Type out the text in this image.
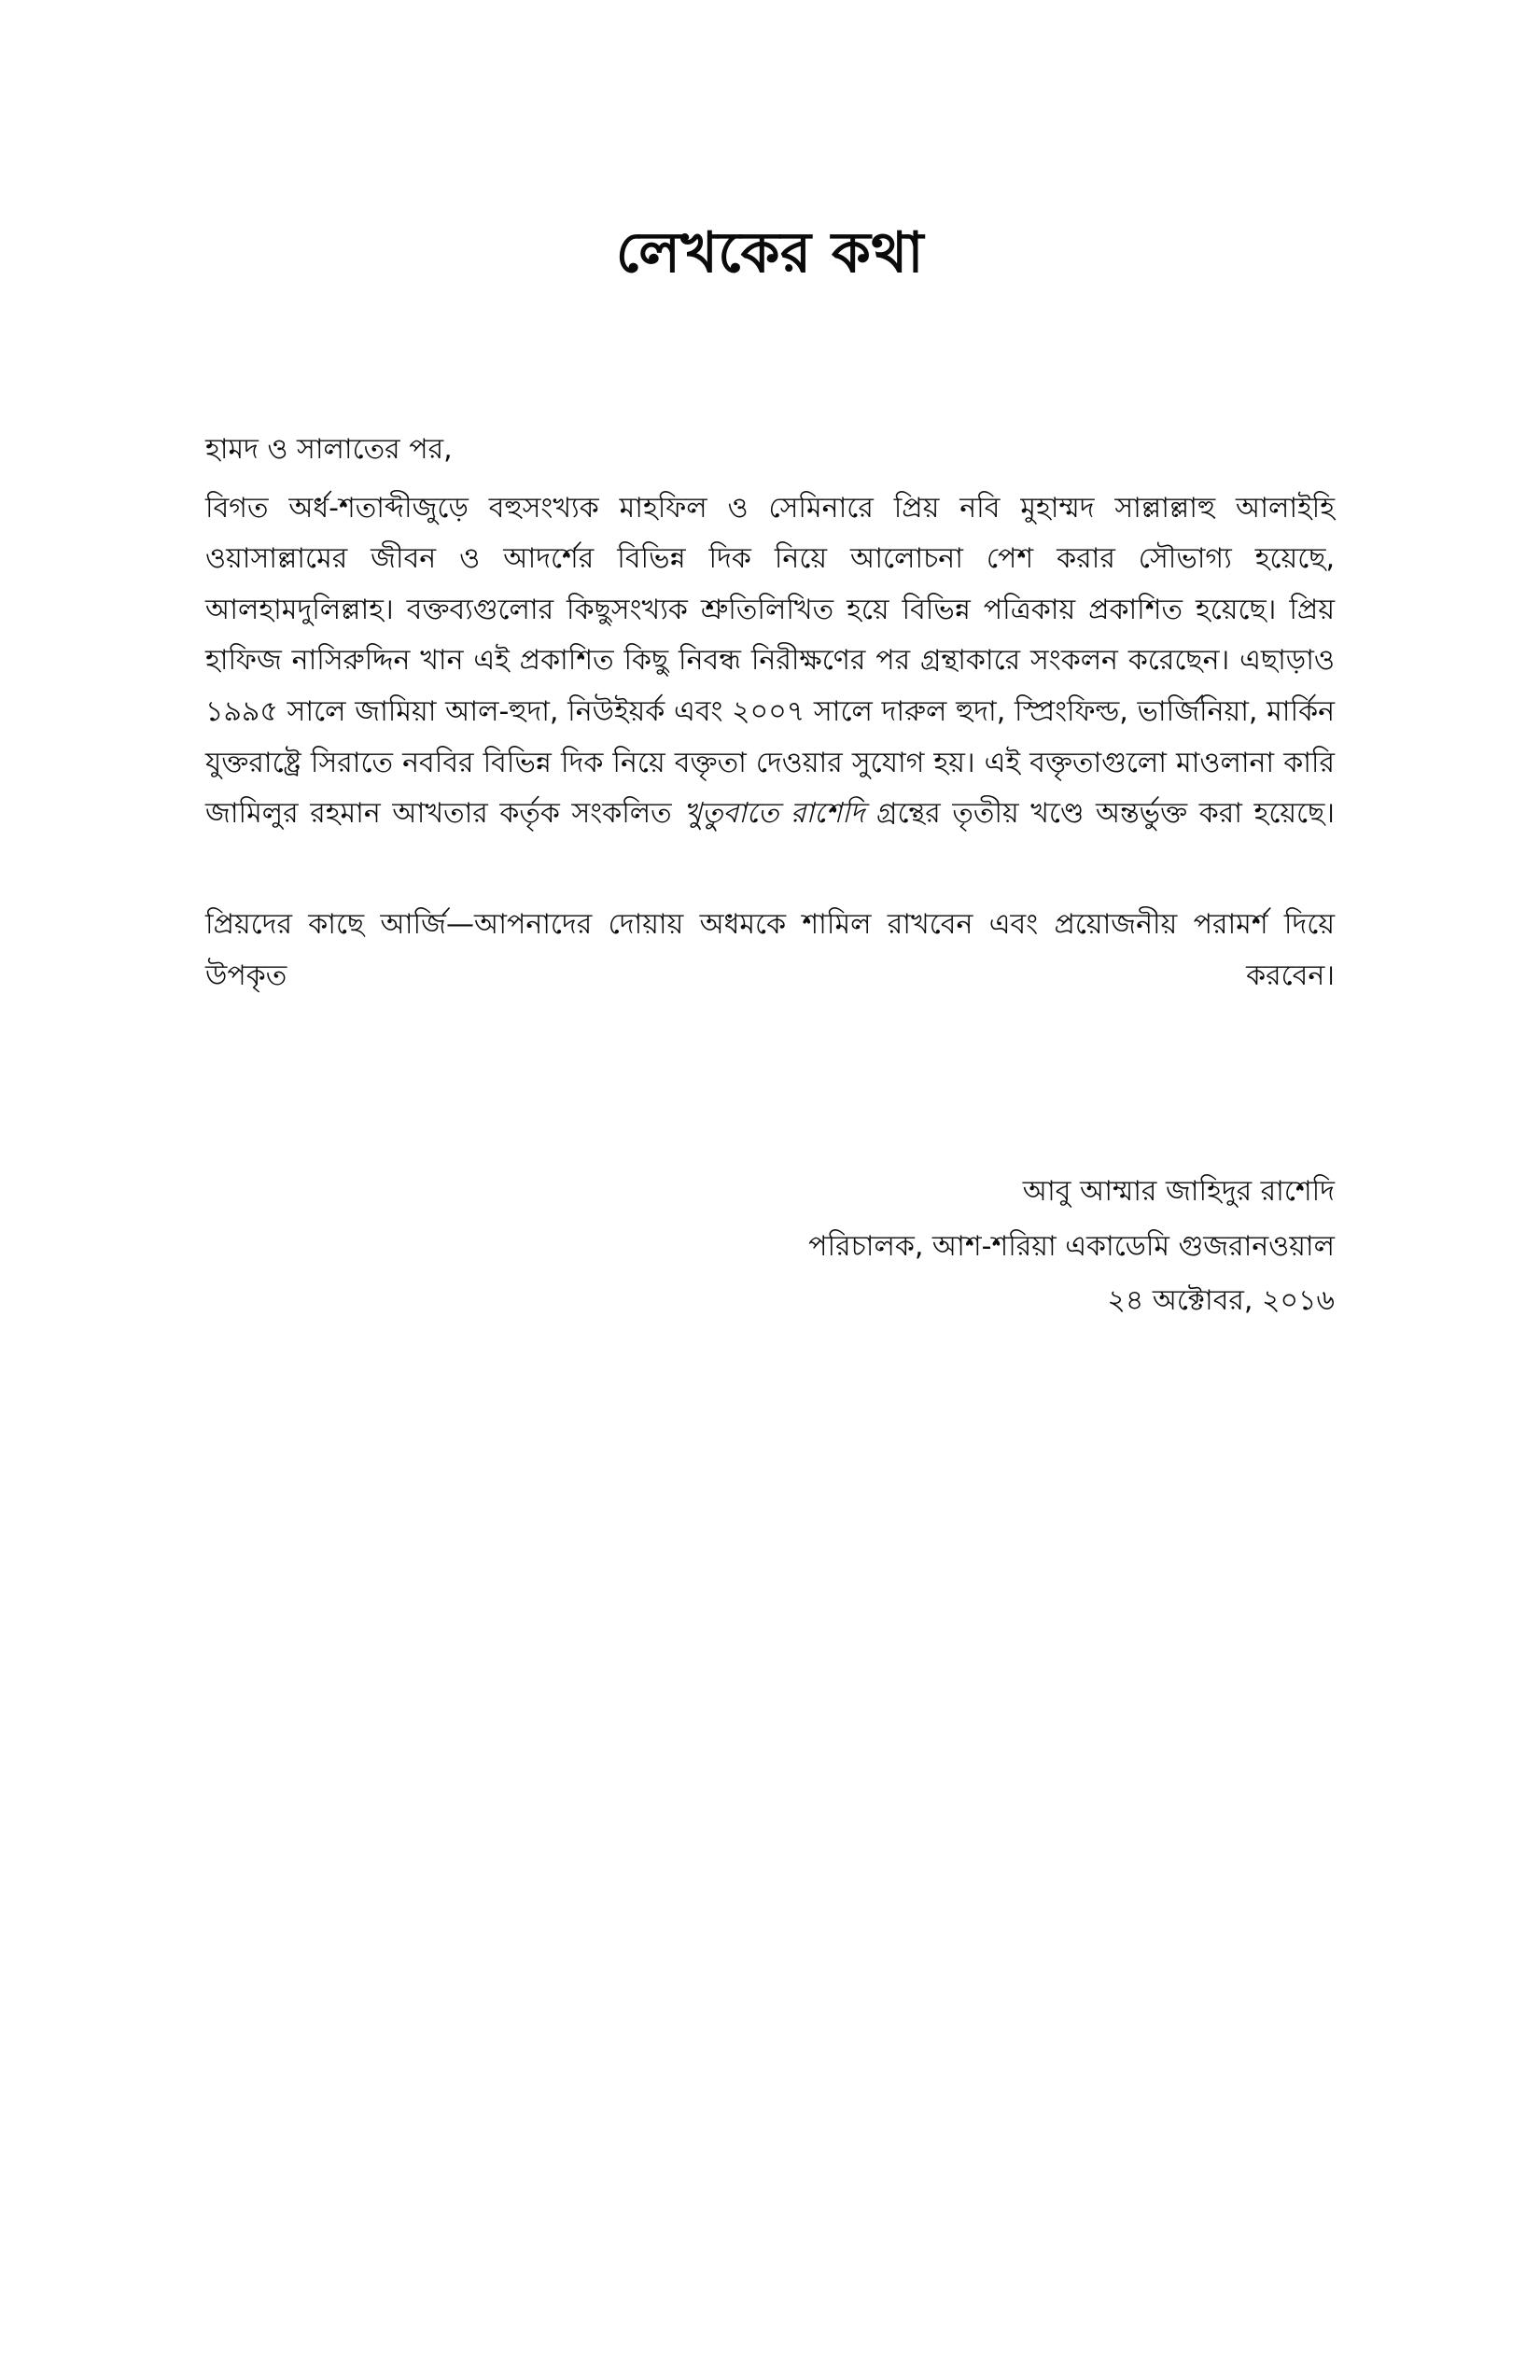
লেখকের কথা

হামদ ও সালাতের পর,

বিগত অর্ধ-শতাব্দীজুড়ে বহুসংখ্যক মাহফিল ও সেমিনারে প্রিয় নবি মুহাম্মদ সাল্লাল্লাহু আলাইহি ওয়াসাল্লামের জীবন ও আদর্শের বিভিন্ন দিক নিয়ে আলোচনা পেশ করার সৌভাগ্য হয়েছে, আলহামদুলিল্লাহ। বক্তব্যগুলোর কিছুসংখ্যক শ্রুতিলিখিত হয়ে বিভিন্ন পত্রিকায় প্রকাশিত হয়েছে। প্রিয় হাফিজ নাসিরুদ্দিন খান এই প্রকাশিত কিছু নিবন্ধ নিরীক্ষণের পর গ্রন্থাকারে সংকলন করেছেন। এছাড়াও ১৯৯৫ সালে জামিয়া আল-হুদা, নিউইয়র্ক এবং ২০০৭ সালে দারুল হুদা, স্প্রিংফিল্ড, ভার্জিনিয়া, মার্কিন যুক্তরাষ্ট্রে সিরাতে নববির বিভিন্ন দিক নিয়ে বক্তৃতা দেওয়ার সুযোগ হয়। এই বক্তৃতাগুলো মাওলানা কারি জামিলুর রহমান আখতার কর্তৃক সংকলিত খুতুবাতে রাশেদি গ্রন্থের তৃতীয় খণ্ডে অন্তর্ভুক্ত করা হয়েছে।

প্রিয়দের কাছে আর্জি—আপনাদের দোয়ায় অধমকে শামিল রাখবেন এবং প্রয়োজনীয় পরামর্শ দিয়ে উপকৃত করবেন।

আবু আম্মার জাহিদুর রাশেদি
পরিচালক, আশ-শরিয়া একাডেমি গুজরানওয়াল
২৪ অক্টোবর, ২০১৬
